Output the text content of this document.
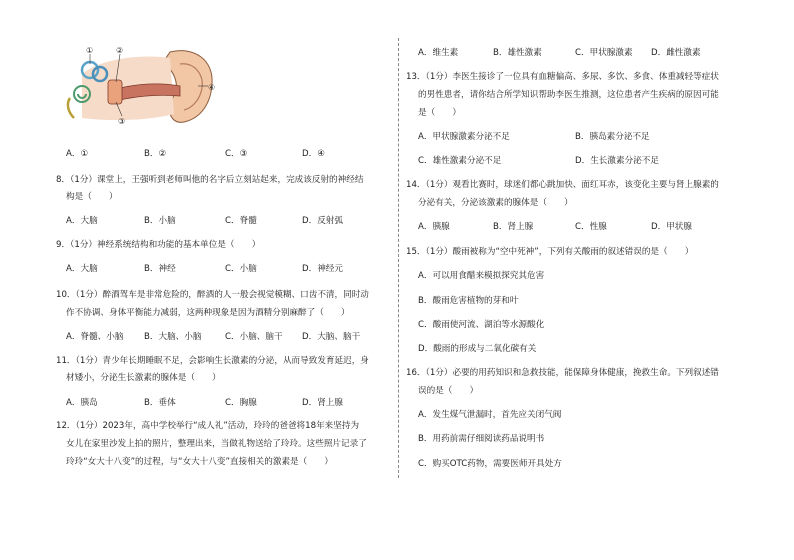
①	②
③
④
A．①	B．②	C．③	D．④
8．（1分）课堂上，王强听到老师叫他的名字后立刻站起来，完成该反射的神经结
构是（　　）
A．大脑	B．小脑	C．脊髓	D．反射弧
9．（1分）神经系统结构和功能的基本单位是（　　）
A．大脑	B．神经	C．小脑	D．神经元
10．（1分）醉酒驾车是非常危险的，醉酒的人一般会视觉模糊、口齿不清，同时动
作不协调、身体平衡能力减弱，这两种现象是因为酒精分别麻醉了（　　）
A．脊髓、小脑 B．大脑、小脑	C．小脑、脑干 D．大脑、脑干
11．（1分）青少年长期睡眠不足，会影响生长激素的分泌，从而导致发育延迟，身
材矮小，分泌生长激素的腺体是（　　）
A．胰岛	B．垂体	C．胸腺	D．肾上腺
12．（1分）2023年，高中学校举行“成人礼”活动，玲玲的爸爸将18年来坚持为
女儿在家里沙发上拍的照片，整理出来，当做礼物送给了玲玲。这些照片记录了
玲玲“女大十八变”的过程，与“女大十八变”直接相关的激素是（　　）
A．维生素	B．雄性激素	C．甲状腺激素 D．雌性激素
13．（1分）李医生接诊了一位具有血糖偏高、多尿、多饮、多食、体重减轻等症状
的男性患者，请你结合所学知识帮助李医生推测，这位患者产生疾病的原因可能
是（　　）
A．甲状腺激素分泌不足	B．胰岛素分泌不足
C．雄性激素分泌不足	D．生长激素分泌不足
14．（1分）观看比赛时，球迷们都心跳加快、面红耳赤，该变化主要与肾上腺素的
分泌有关，分泌该激素的腺体是（　　）
A．胰腺	B．肾上腺	C．性腺	D．甲状腺
15．（1分）酸雨被称为“空中死神”，下列有关酸雨的叙述错误的是（　　）
A．可以用食醋来模拟探究其危害
B．酸雨危害植物的芽和叶
C．酸雨使河流、湖泊等水源酸化
D．酸雨的形成与二氧化碳有关
16．（1分）必要的用药知识和急救技能，能保障身体健康，挽救生命。下列叙述错
误的是（　　）
A．发生煤气泄漏时，首先应关闭气阀
B．用药前需仔细阅读药品说明书
C．购买OTC药物，需要医师开具处方
